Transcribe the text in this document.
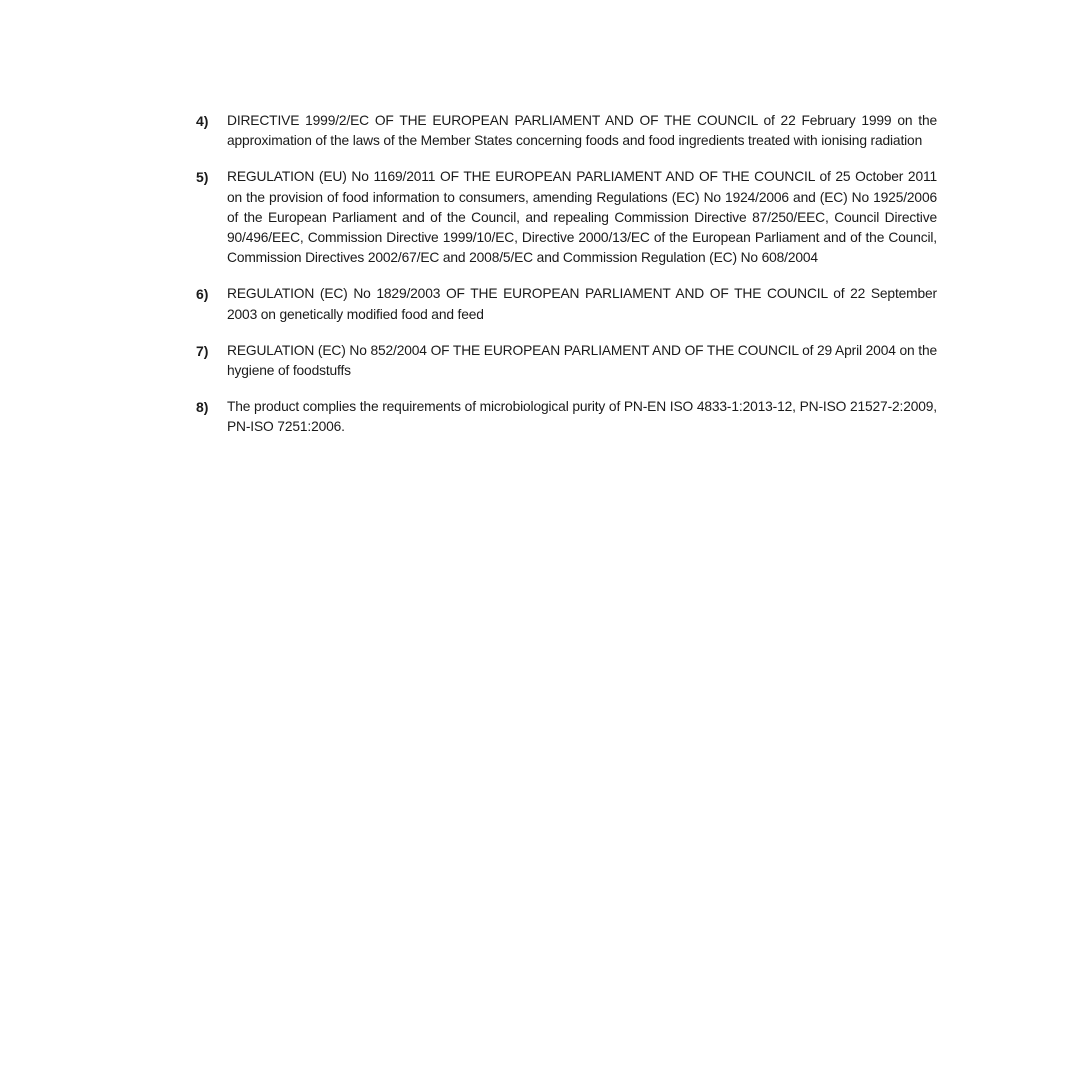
4)	DIRECTIVE 1999/2/EC OF THE EUROPEAN PARLIAMENT AND OF THE COUNCIL of 22 February 1999 on the approximation of the laws of the Member States concerning foods and food ingredients treated with ionising radiation
5)	REGULATION (EU) No 1169/2011 OF THE EUROPEAN PARLIAMENT AND OF THE COUNCIL of 25 October 2011 on the provision of food information to consumers, amending Regulations (EC) No 1924/2006 and (EC) No 1925/2006 of the European Parliament and of the Council, and repealing Commission Directive 87/250/EEC, Council Directive 90/496/EEC, Commission Directive 1999/10/EC, Directive 2000/13/EC of the European Parliament and of the Council, Commission Directives 2002/67/EC and 2008/5/EC and Commission Regulation (EC) No 608/2004
6)	REGULATION (EC) No 1829/2003 OF THE EUROPEAN PARLIAMENT AND OF THE COUNCIL of 22 September 2003 on genetically modified food and feed
7)	REGULATION (EC) No 852/2004 OF THE EUROPEAN PARLIAMENT AND OF THE COUNCIL of 29 April 2004 on the hygiene of foodstuffs
8)	The product complies the requirements of microbiological purity of PN-EN ISO 4833-1:2013-12, PN-ISO 21527-2:2009, PN-ISO 7251:2006.
